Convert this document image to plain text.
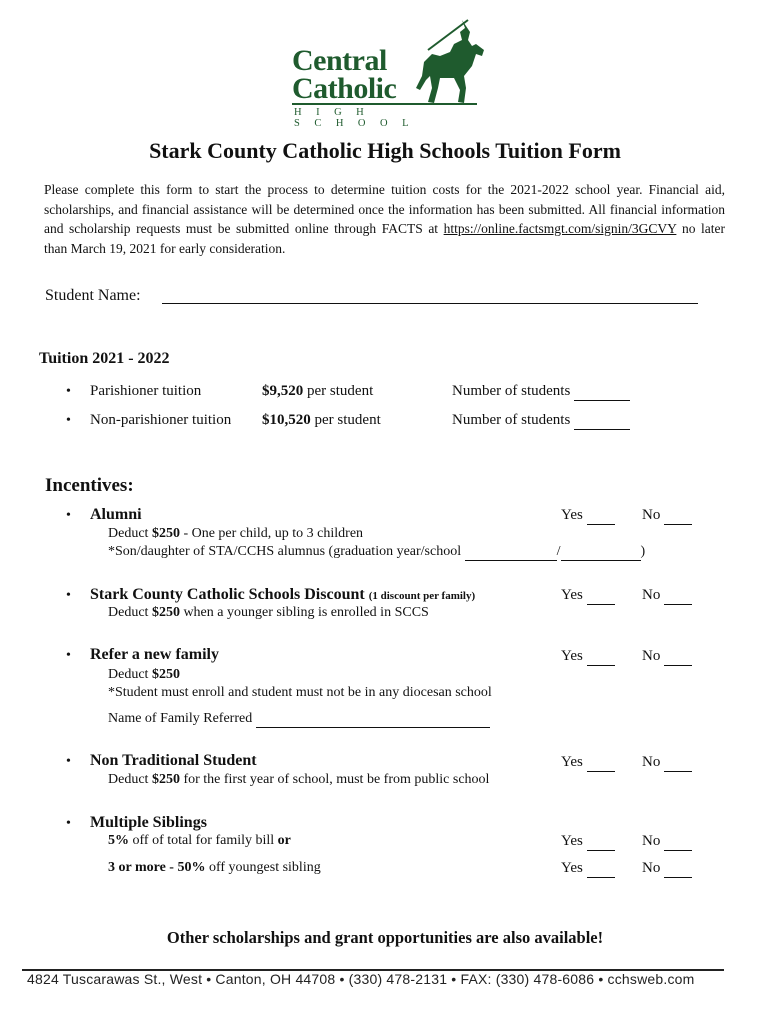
Central
Catholic
HIGH SCHOOL
Stark County Catholic High Schools Tuition Form
Please complete this form to start the process to determine tuition costs for the 2021-2022 school year. Financial aid, scholarships, and financial assistance will be determined once the information has been submitted. All financial information and scholarship requests must be submitted online through FACTS at https://online.factsmgt.com/signin/3GCVY no later than March 19, 2021 for early consideration.
Student Name:
Tuition 2021 - 2022
• Parishioner tuition	$9,520 per student	Number of students
• Non-parishioner tuition $10,520 per student	Number of students
Incentives:
• Alumni	Yes	No
Deduct $250 - One per child, up to 3 children
*Son/daughter of STA/CCHS alumnus (graduation year/school	/	)
• Stark County Catholic Schools Discount (1 discount per family)	Yes	No
Deduct $250 when a younger sibling is enrolled in SCCS
• Refer a new family	Yes	No
Deduct $250
*Student must enroll and student must not be in any diocesan school
Name of Family Referred
• Non Traditional Student	Yes	No
Deduct $250 for the first year of school, must be from public school
• Multiple Siblings
5% off of total for family bill or	Yes	No
3 or more - 50% off youngest sibling	Yes	No
Other scholarships and grant opportunities are also available!
4824 Tuscarawas St., West • Canton, OH 44708 • (330) 478-2131 • FAX: (330) 478-6086 • cchsweb.com
